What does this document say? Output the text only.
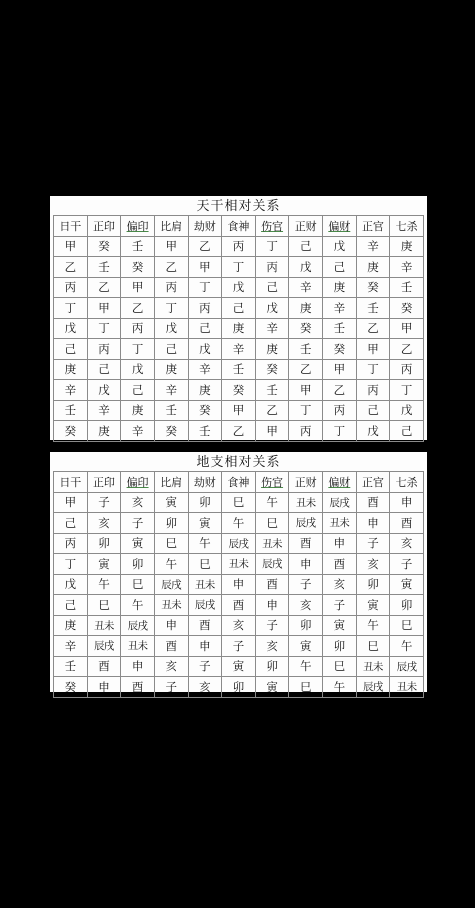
天干相对关系
日干	正印	偏印	比肩	劫财	食神	伤官	正财	偏财	正官	七杀
甲	癸	壬	甲	乙	丙	丁	己	戊	辛	庚
乙	壬	癸	乙	甲	丁	丙	戊	己	庚	辛
丙	乙	甲	丙	丁	戊	己	辛	庚	癸	壬
丁	甲	乙	丁	丙	己	戊	庚	辛	壬	癸
戊	丁	丙	戊	己	庚	辛	癸	壬	乙	甲
己	丙	丁	己	戊	辛	庚	壬	癸	甲	乙
庚	己	戊	庚	辛	壬	癸	乙	甲	丁	丙
辛	戊	己	辛	庚	癸	壬	甲	乙	丙	丁
壬	辛	庚	壬	癸	甲	乙	丁	丙	己	戊
癸	庚	辛	癸	壬	乙	甲	丙	丁	戊	己
地支相对关系
日干	正印	偏印	比肩	劫财	食神	伤官	正财	偏财	正官	七杀
甲	子	亥	寅	卯	巳	午	丑未	辰戌	酉	申
己	亥	子	卯	寅	午	巳	辰戌	丑未	申	酉
丙	卯	寅	巳	午	辰戌	丑未	酉	申	子	亥
丁	寅	卯	午	巳	丑未	辰戌	申	酉	亥	子
戊	午	巳	辰戌	丑未	申	酉	子	亥	卯	寅
己	巳	午	丑未	辰戌	酉	申	亥	子	寅	卯
庚	丑未	辰戌	申	酉	亥	子	卯	寅	午	巳
辛	辰戌	丑未	酉	申	子	亥	寅	卯	巳	午
壬	酉	申	亥	子	寅	卯	午	巳	丑未	辰戌
癸	申	酉	子	亥	卯	寅	巳	午	辰戌	丑未
